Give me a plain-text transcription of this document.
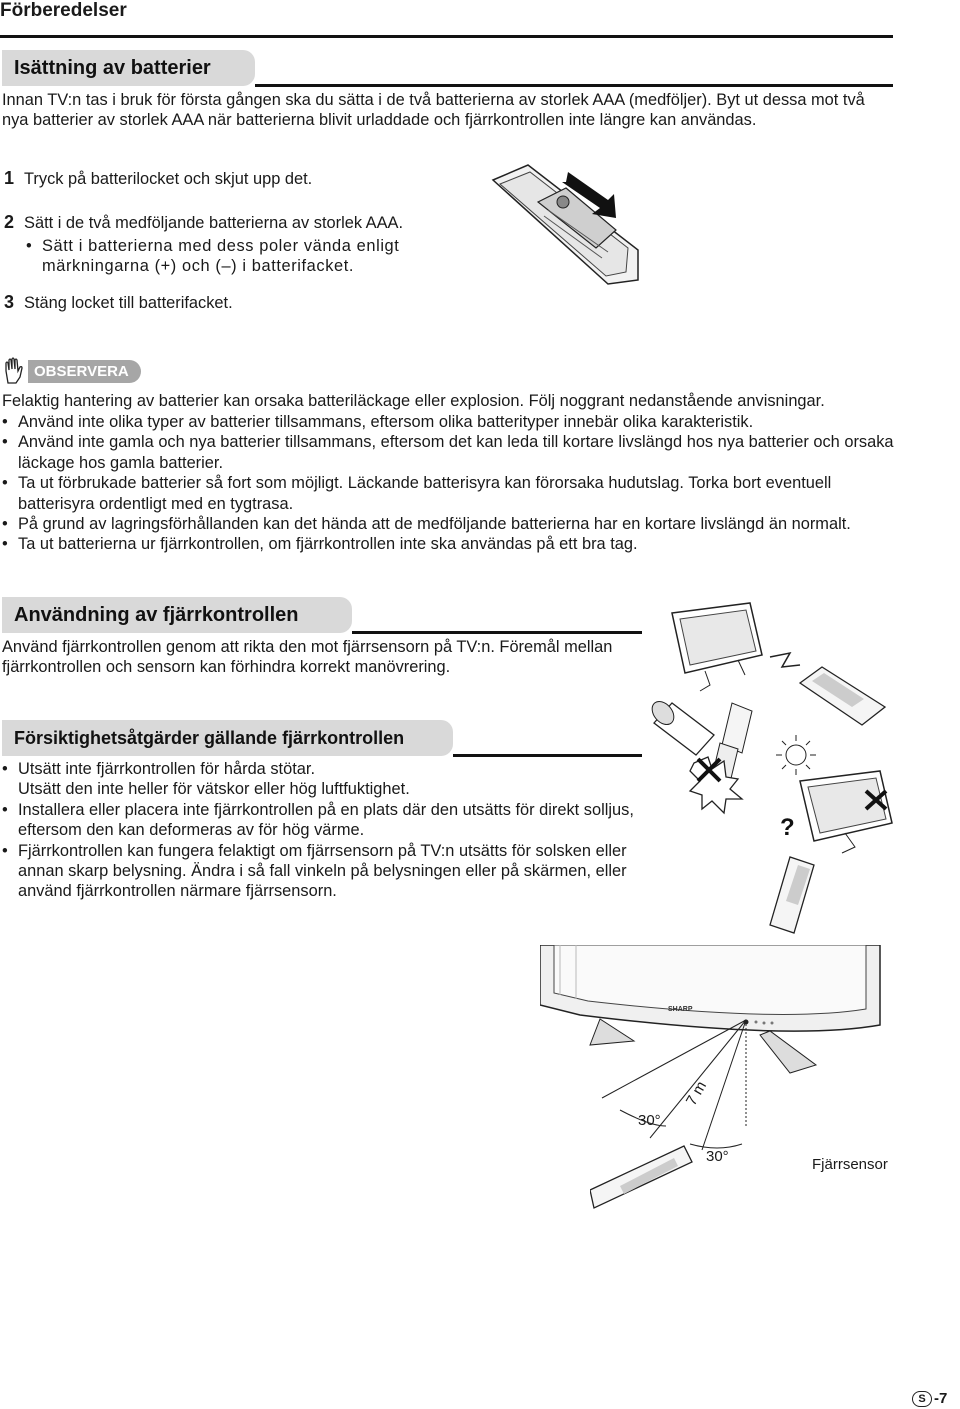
Förberedelser
Isättning av batterier
Innan TV:n tas i bruk för första gången ska du sätta i de två batterierna av storlek AAA (medföljer). Byt ut dessa mot två nya batterier av storlek AAA när batterierna blivit urladdade och fjärrkontrollen inte längre kan användas.
1 Tryck på batterilocket och skjut upp det.
2 Sätt i de två medföljande batterierna av storlek AAA.
• Sätt i batterierna med dess poler vända enligt märkningarna (+) och (–) i batterifacket.
3 Stäng locket till batterifacket.
OBSERVERA
Felaktig hantering av batterier kan orsaka batteriläckage eller explosion. Följ noggrant nedanstående anvisningar.
• Använd inte olika typer av batterier tillsammans, eftersom olika batterityper innebär olika karakteristik.
• Använd inte gamla och nya batterier tillsammans, eftersom det kan leda till kortare livslängd hos nya batterier och orsaka läckage hos gamla batterier.
• Ta ut förbrukade batterier så fort som möjligt. Läckande batterisyra kan förorsaka hudutslag. Torka bort eventuell batterisyra ordentligt med en tygtrasa.
• På grund av lagringsförhållanden kan det hända att de medföljande batterierna har en kortare livslängd än normalt.
• Ta ut batterierna ur fjärrkontrollen, om fjärrkontrollen inte ska användas på ett bra tag.
Användning av fjärrkontrollen
Använd fjärrkontrollen genom att rikta den mot fjärrsensorn på TV:n. Föremål mellan fjärrkontrollen och sensorn kan förhindra korrekt manövrering.
Försiktighetsåtgärder gällande fjärrkontrollen
• Utsätt inte fjärrkontrollen för hårda stötar.
Utsätt den inte heller för vätskor eller hög luftfuktighet.
• Installera eller placera inte fjärrkontrollen på en plats där den utsätts för direkt solljus, eftersom den kan deformeras av för hög värme.
• Fjärrkontrollen kan fungera felaktigt om fjärrsensorn på TV:n utsätts för solsken eller annan skarp belysning. Ändra i så fall vinkeln på belysningen eller på skärmen, eller använd fjärrkontrollen närmare fjärrsensorn.
?
SHARP
7 m
30°
30°	Fjärrsensor
S -7
